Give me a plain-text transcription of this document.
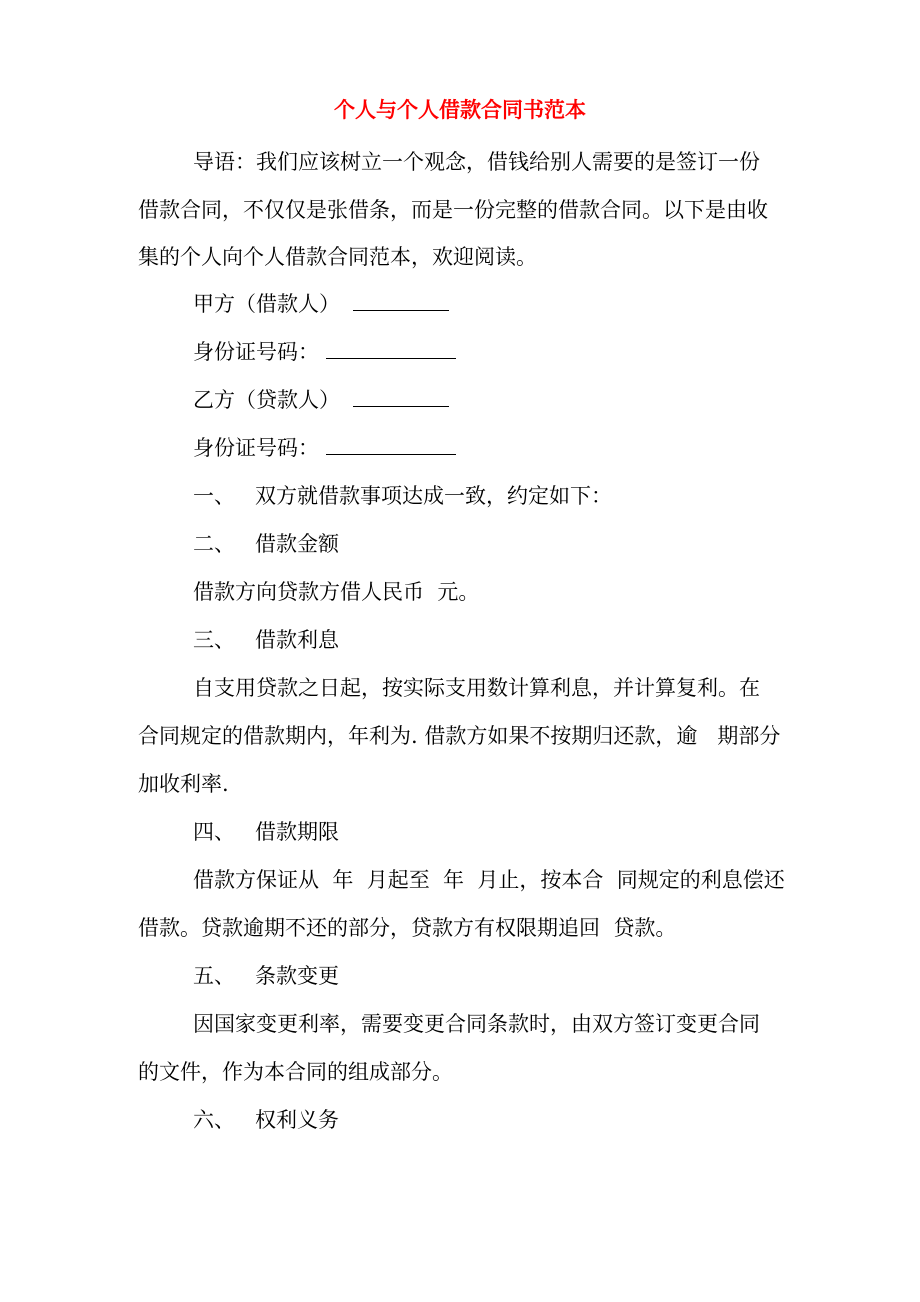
个人与个人借款合同书范本

导语：我们应该树立一个观念，借钱给别人需要的是签订一份

借款合同，不仅仅是张借条，而是一份完整的借款合同。以下是由收

集的个人向个人借款合同范本，欢迎阅读。

甲方（借款人）

身份证号码：

乙方（贷款人）

身份证号码：

一、   双方就借款事项达成一致，约定如下：

二、   借款金额

借款方向贷款方借人民币  元。

三、   借款利息

自支用贷款之日起，按实际支用数计算利息，并计算复利。在

合同规定的借款期内，年利为. 借款方如果不按期归还款，逾   期部分

加收利率.

四、   借款期限

借款方保证从  年  月起至  年  月止，按本合  同规定的利息偿还

借款。贷款逾期不还的部分，贷款方有权限期追回  贷款。

五、   条款变更

因国家变更利率，需要变更合同条款时，由双方签订变更合同

的文件，作为本合同的组成部分。

六、   权利义务
